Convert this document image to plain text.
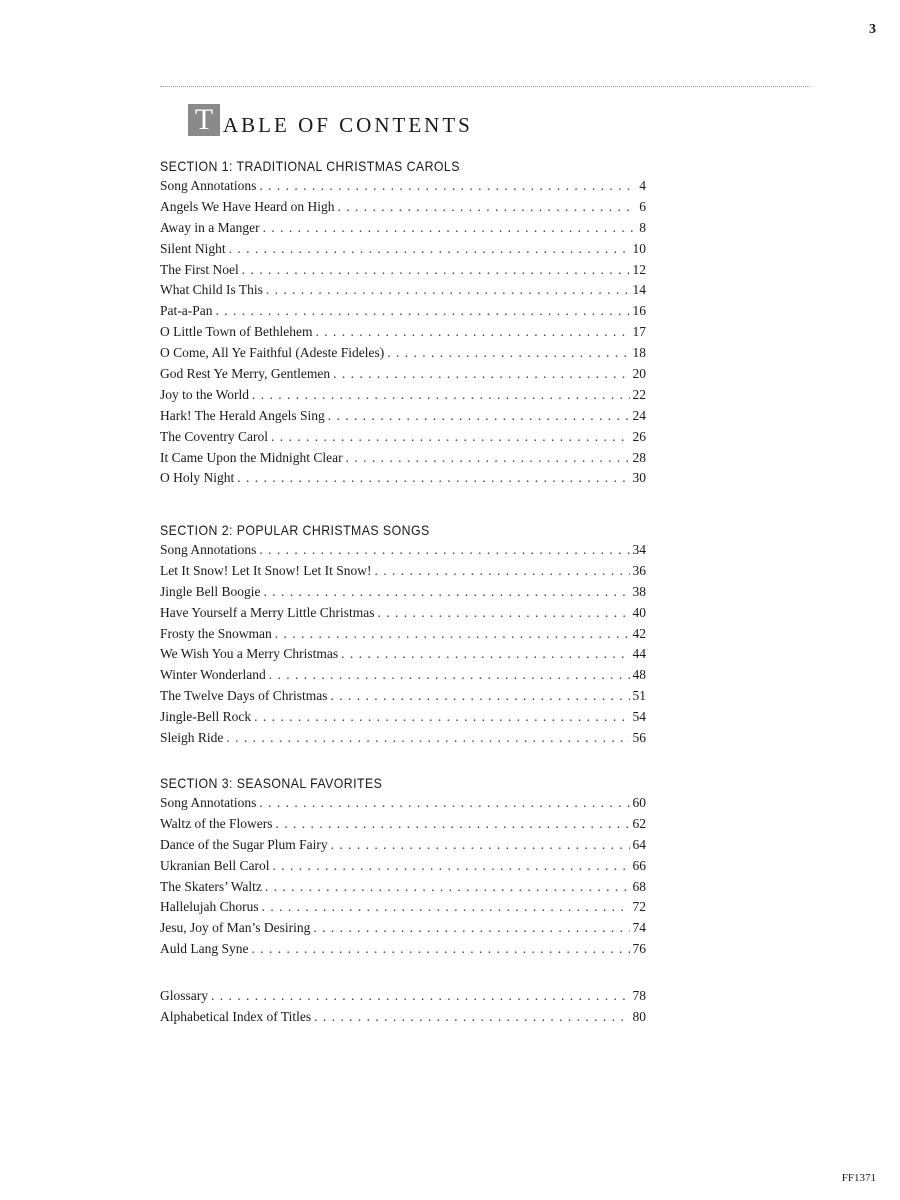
3
T ABLE OF CONTENTS
SECTION 1: TRADITIONAL CHRISTMAS CAROLS
Song Annotations . . .	4
Angels We Have Heard on High . . .	6
Away in a Manger . . .	8
Silent Night . . .	10
The First Noel . . .	12
What Child Is This . . .	14
Pat-a-Pan . . .	16
O Little Town of Bethlehem . . .	17
O Come, All Ye Faithful (Adeste Fideles) . . .	18
God Rest Ye Merry, Gentlemen . . .	20
Joy to the World . . .	22
Hark! The Herald Angels Sing . . .	24
The Coventry Carol . . .	26
It Came Upon the Midnight Clear . . .	28
O Holy Night . . .	30
SECTION 2: POPULAR CHRISTMAS SONGS
Song Annotations . . .	34
Let It Snow! Let It Snow! Let It Snow! . . .	36
Jingle Bell Boogie . . .	38
Have Yourself a Merry Little Christmas . . .	40
Frosty the Snowman . . .	42
We Wish You a Merry Christmas . . .	44
Winter Wonderland . . .	48
The Twelve Days of Christmas . . .	51
Jingle-Bell Rock . . .	54
Sleigh Ride . . .	56
SECTION 3: SEASONAL FAVORITES
Song Annotations . . .	60
Waltz of the Flowers . . .	62
Dance of the Sugar Plum Fairy . . .	64
Ukranian Bell Carol . . .	66
The Skaters’ Waltz . . .	68
Hallelujah Chorus . . .	72
Jesu, Joy of Man’s Desiring . . .	74
Auld Lang Syne . . .	76
Glossary . . .	78
Alphabetical Index of Titles . . .	80
FF1371
